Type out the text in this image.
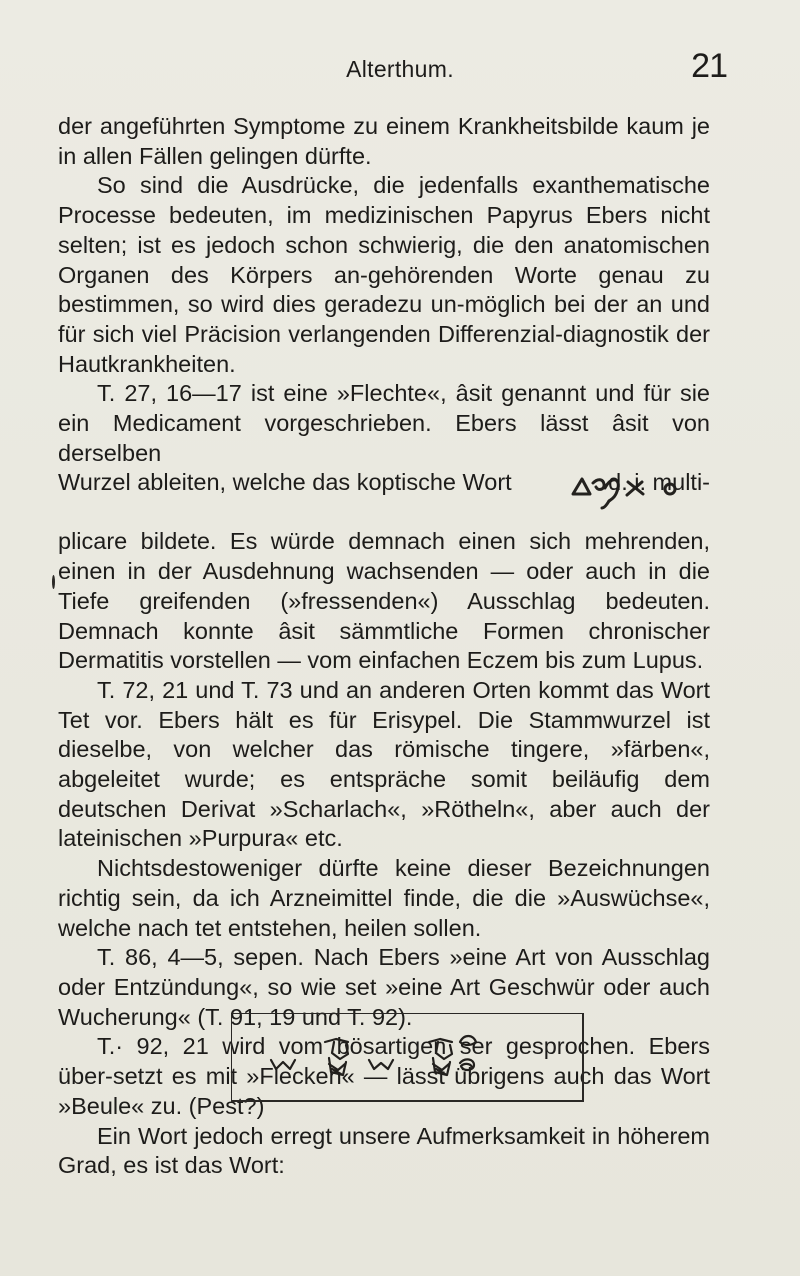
Alterthum.	21

der angeführten Symptome zu einem Krankheitsbilde kaum je in allen Fällen gelingen dürfte.

So sind die Ausdrücke, die jedenfalls exanthematische Processe bedeuten, im medizinischen Papyrus Ebers nicht selten; ist es jedoch schon schwierig, die den anatomischen Organen des Körpers an-gehörenden Worte genau zu bestimmen, so wird dies geradezu un-möglich bei der an und für sich viel Präcision verlangenden Differenzial-diagnostik der Hautkrankheiten.

T. 27, 16—17 ist eine »Flechte«, âsit genannt und für sie ein Medicament vorgeschrieben. Ebers lässt âsit von derselben

Wurzel ableiten, welche das koptische Wort	d. i. multi-

plicare bildete. Es würde demnach einen sich mehrenden, einen in der Ausdehnung wachsenden — oder auch in die Tiefe greifenden (»fressenden«) Ausschlag bedeuten. Demnach konnte âsit sämmtliche Formen chronischer Dermatitis vorstellen — vom einfachen Eczem bis zum Lupus.

T. 72, 21 und T. 73 und an anderen Orten kommt das Wort Tet vor. Ebers hält es für Erisypel. Die Stammwurzel ist dieselbe, von welcher das römische tingere, »färben«, abgeleitet wurde; es entspräche somit beiläufig dem deutschen Derivat »Scharlach«, »Rötheln«, aber auch der lateinischen »Purpura« etc.

Nichtsdestoweniger dürfte keine dieser Bezeichnungen richtig sein, da ich Arzneimittel finde, die die »Auswüchse«, welche nach tet entstehen, heilen sollen.

T. 86, 4—5, sepen. Nach Ebers »eine Art von Ausschlag oder Entzündung«, so wie set »eine Art Geschwür oder auch Wucherung« (T. 91, 19 und T. 92).

T.· 92, 21 wird vom bösartigen ser gesprochen. Ebers über-setzt es mit »Flecken« — lässt übrigens auch das Wort »Beule« zu. (Pest?)

Ein Wort jedoch erregt unsere Aufmerksamkeit in höherem Grad, es ist das Wort:
